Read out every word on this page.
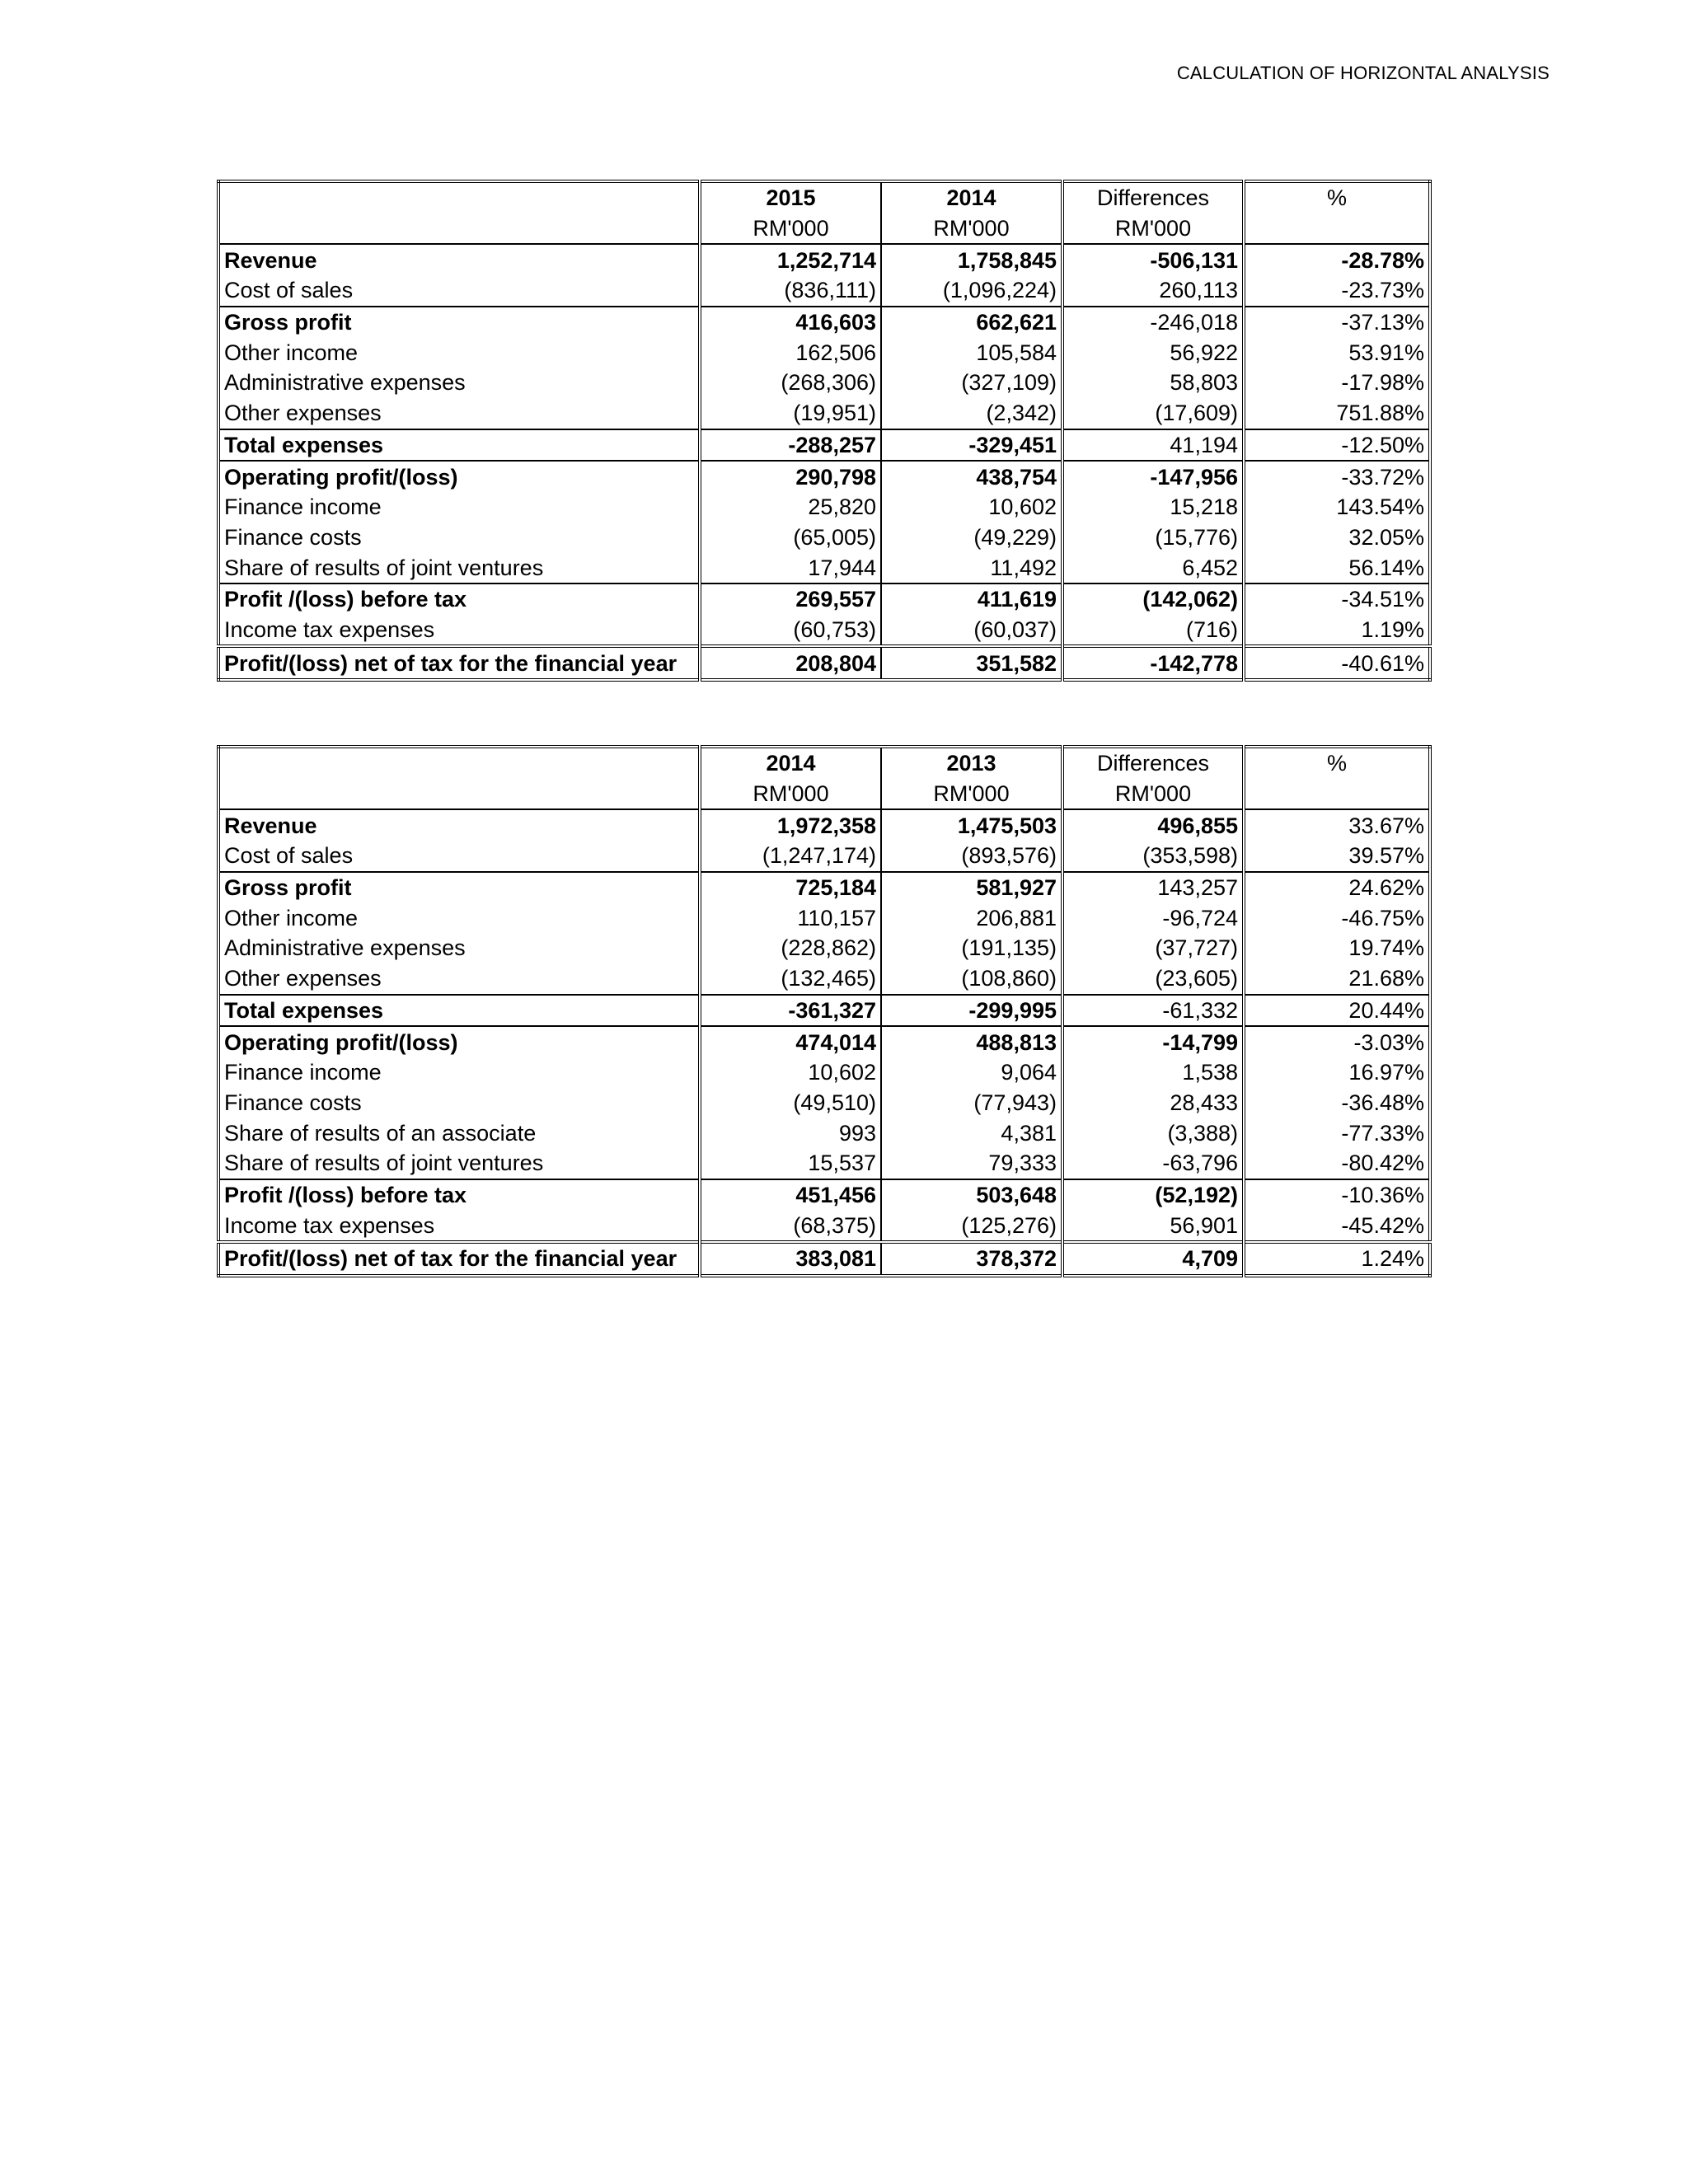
CALCULATION OF HORIZONTAL ANALYSIS
	2015	2014	Differences	%
	RM'000	RM'000	RM'000	
Revenue	1,252,714	1,758,845	-506,131	-28.78%
Cost of sales	(836,111)	(1,096,224)	260,113	-23.73%
Gross profit	416,603	662,621	-246,018	-37.13%
Other income	162,506	105,584	56,922	53.91%
Administrative expenses	(268,306)	(327,109)	58,803	-17.98%
Other expenses	(19,951)	(2,342)	(17,609)	751.88%
Total expenses	-288,257	-329,451	41,194	-12.50%
Operating profit/(loss)	290,798	438,754	-147,956	-33.72%
Finance income	25,820	10,602	15,218	143.54%
Finance costs	(65,005)	(49,229)	(15,776)	32.05%
Share of results of joint ventures	17,944	11,492	6,452	56.14%
Profit /(loss) before tax	269,557	411,619	(142,062)	-34.51%
Income tax expenses	(60,753)	(60,037)	(716)	1.19%
Profit/(loss) net of tax for the financial year	208,804	351,582	-142,778	-40.61%
	2014	2013	Differences	%
	RM'000	RM'000	RM'000	
Revenue	1,972,358	1,475,503	496,855	33.67%
Cost of sales	(1,247,174)	(893,576)	(353,598)	39.57%
Gross profit	725,184	581,927	143,257	24.62%
Other income	110,157	206,881	-96,724	-46.75%
Administrative expenses	(228,862)	(191,135)	(37,727)	19.74%
Other expenses	(132,465)	(108,860)	(23,605)	21.68%
Total expenses	-361,327	-299,995	-61,332	20.44%
Operating profit/(loss)	474,014	488,813	-14,799	-3.03%
Finance income	10,602	9,064	1,538	16.97%
Finance costs	(49,510)	(77,943)	28,433	-36.48%
Share of results of an associate	993	4,381	(3,388)	-77.33%
Share of results of joint ventures	15,537	79,333	-63,796	-80.42%
Profit /(loss) before tax	451,456	503,648	(52,192)	-10.36%
Income tax expenses	(68,375)	(125,276)	56,901	-45.42%
Profit/(loss) net of tax for the financial year	383,081	378,372	4,709	1.24%
